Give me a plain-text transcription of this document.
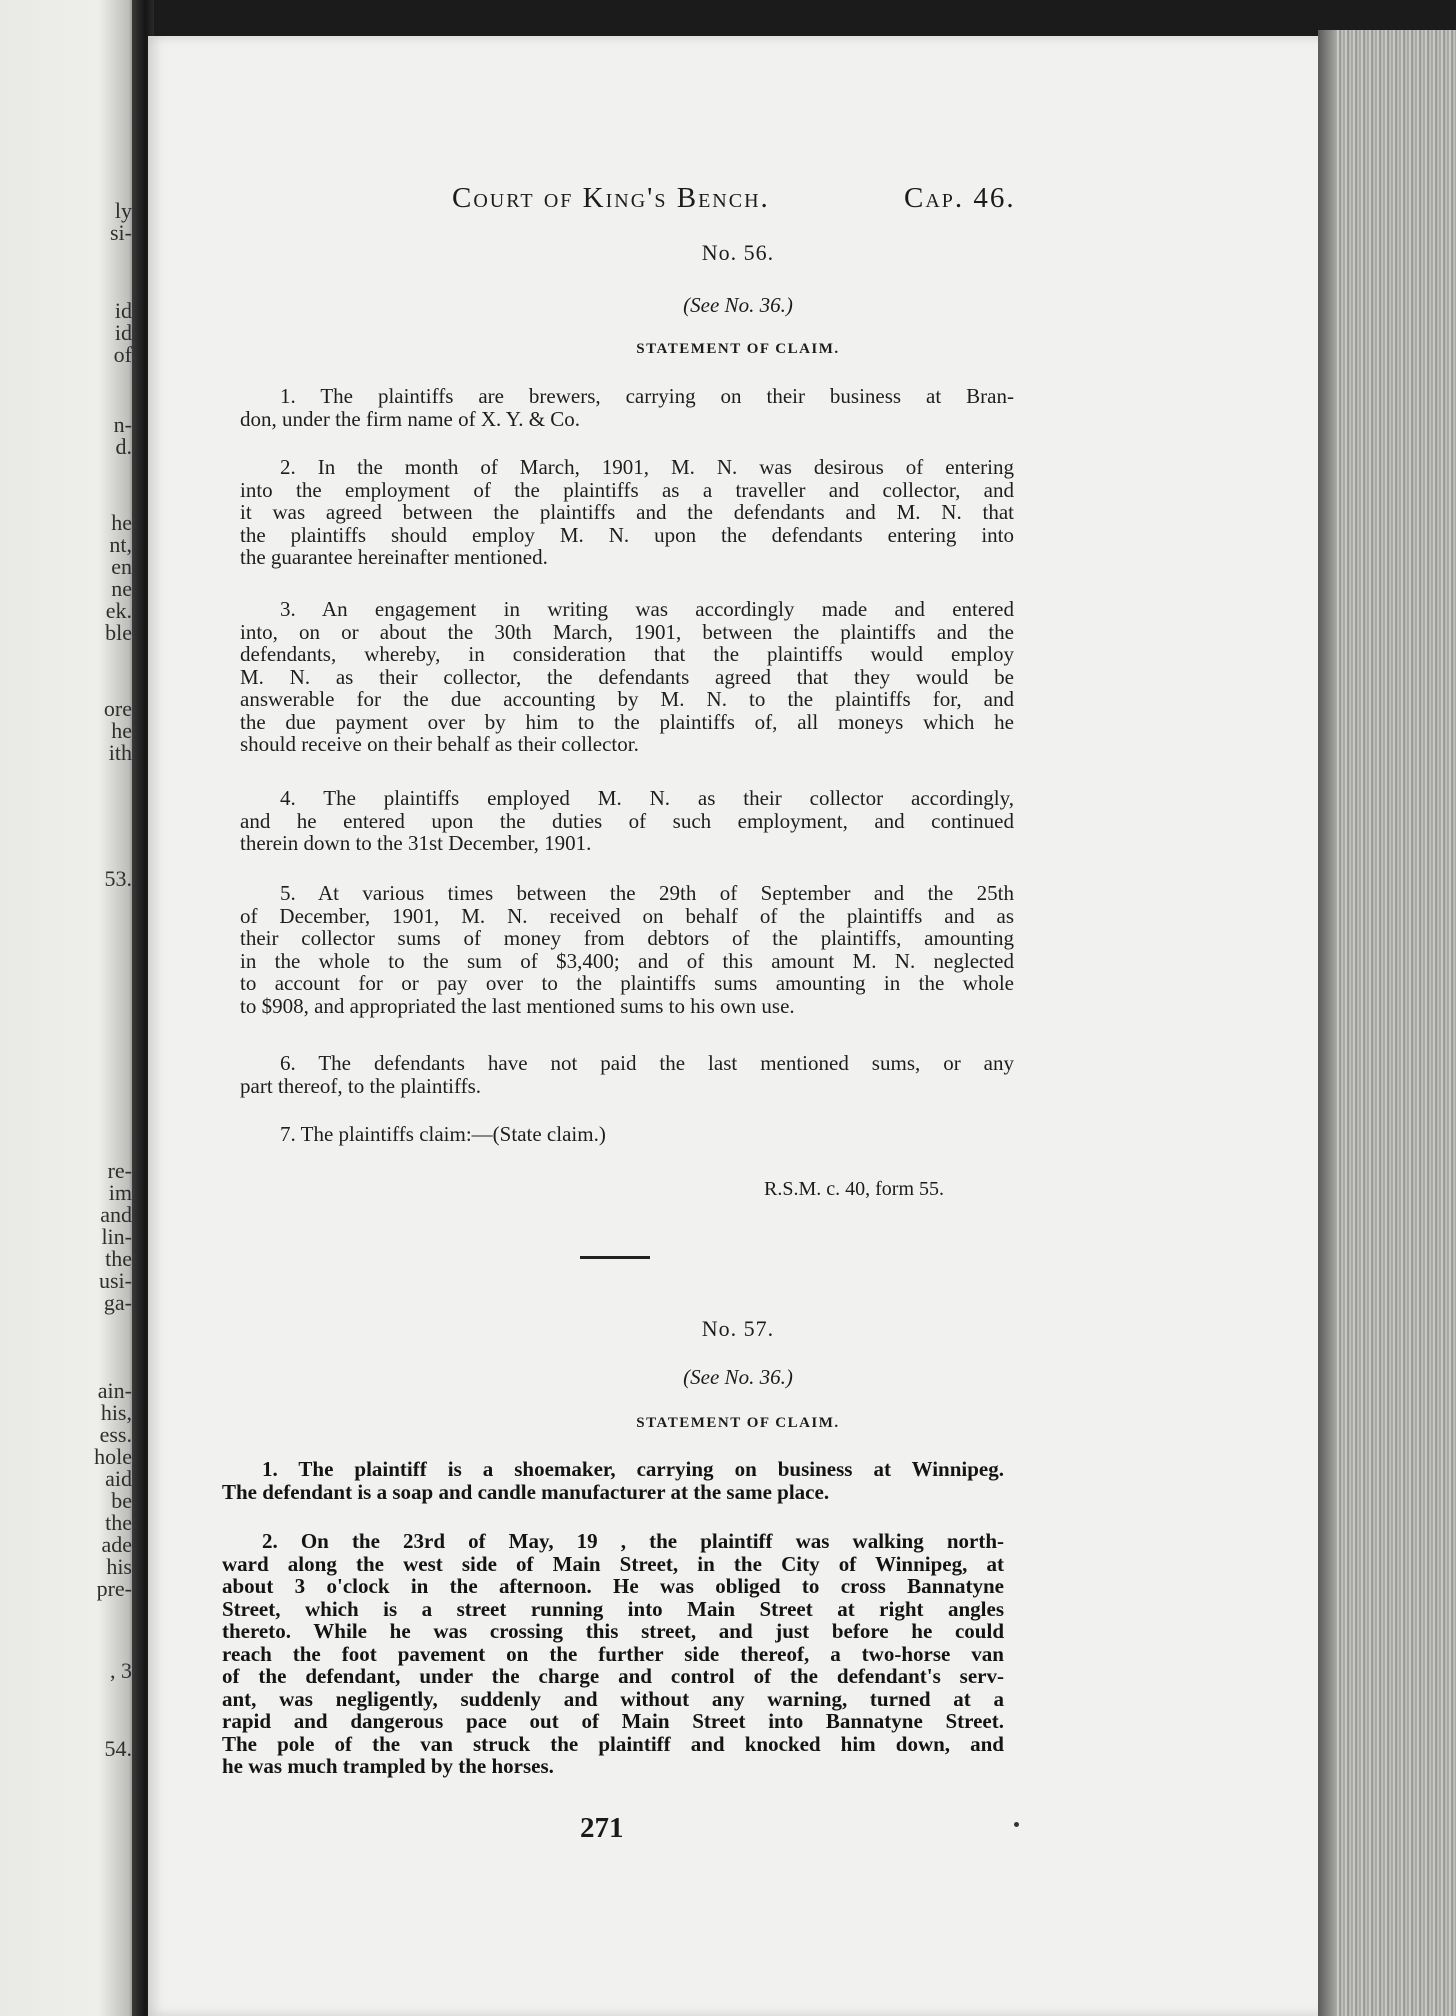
ly
si-
id
id
of
n-
d.
he
nt,
en
ne
ek.
ble
ore
he
ith
53.
re-
im
and
lin-
the
usi-
ga-
ain-
his,
ess.
hole
aid
be
the
ade
his
pre-
, 3
54.
Court of King's Bench.	Cap. 46.
No. 56.
(See No. 36.)
STATEMENT OF CLAIM.
1. The plaintiffs are brewers, carrying on their business at Bran-
don, under the firm name of X. Y. & Co.
2. In the month of March, 1901, M. N. was desirous of entering
into the employment of the plaintiffs as a traveller and collector, and
it was agreed between the plaintiffs and the defendants and M. N. that
the plaintiffs should employ M. N. upon the defendants entering into
the guarantee hereinafter mentioned.
3. An engagement in writing was accordingly made and entered
into, on or about the 30th March, 1901, between the plaintiffs and the
defendants, whereby, in consideration that the plaintiffs would employ
M. N. as their collector, the defendants agreed that they would be
answerable for the due accounting by M. N. to the plaintiffs for, and
the due payment over by him to the plaintiffs of, all moneys which he
should receive on their behalf as their collector.
4. The plaintiffs employed M. N. as their collector accordingly,
and he entered upon the duties of such employment, and continued
therein down to the 31st December, 1901.
5. At various times between the 29th of September and the 25th
of December, 1901, M. N. received on behalf of the plaintiffs and as
their collector sums of money from debtors of the plaintiffs, amounting
in the whole to the sum of $3,400; and of this amount M. N. neglected
to account for or pay over to the plaintiffs sums amounting in the whole
to $908, and appropriated the last mentioned sums to his own use.
6. The defendants have not paid the last mentioned sums, or any
part thereof, to the plaintiffs.
7. The plaintiffs claim:—(State claim.)
R.S.M. c. 40, form 55.
No. 57.
(See No. 36.)
STATEMENT OF CLAIM.
1. The plaintiff is a shoemaker, carrying on business at Winnipeg.
The defendant is a soap and candle manufacturer at the same place.
2. On the 23rd of May, 19 , the plaintiff was walking north-
ward along the west side of Main Street, in the City of Winnipeg, at
about 3 o'clock in the afternoon. He was obliged to cross Bannatyne
Street, which is a street running into Main Street at right angles
thereto. While he was crossing this street, and just before he could
reach the foot pavement on the further side thereof, a two-horse van
of the defendant, under the charge and control of the defendant's serv-
ant, was negligently, suddenly and without any warning, turned at a
rapid and dangerous pace out of Main Street into Bannatyne Street.
The pole of the van struck the plaintiff and knocked him down, and
he was much trampled by the horses.
271
